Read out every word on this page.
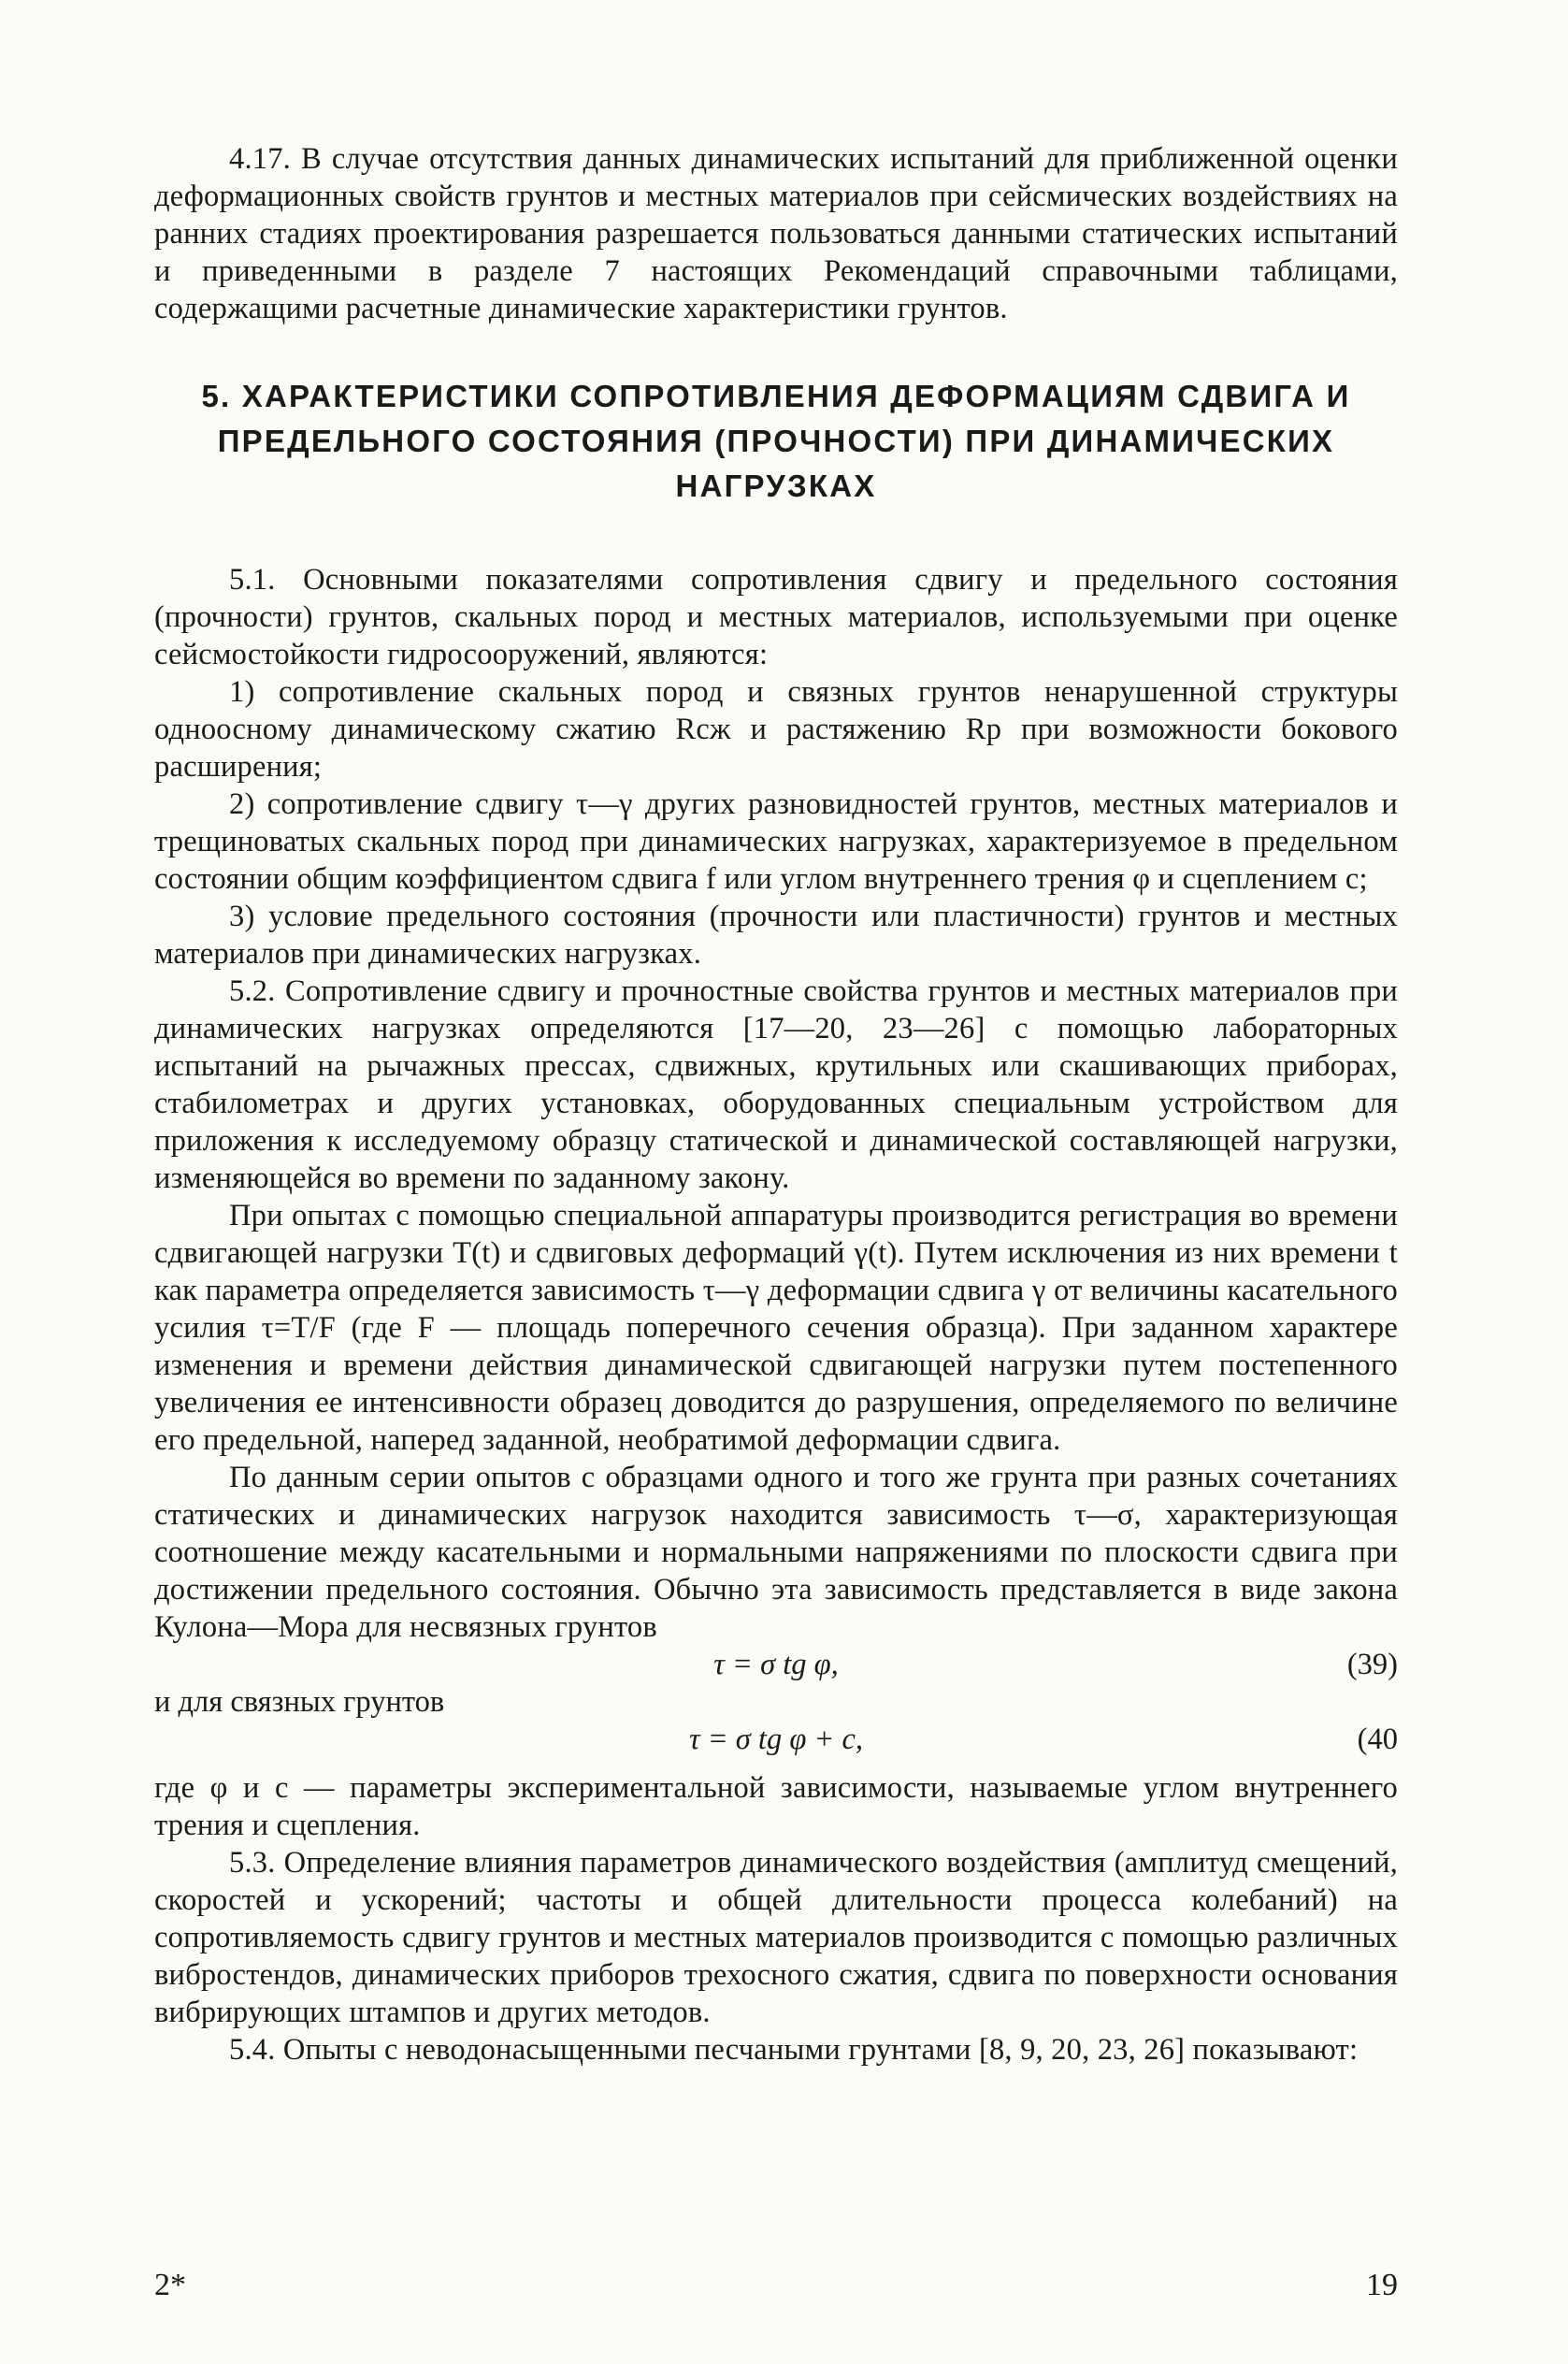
4.17. В случае отсутствия данных динамических испытаний для приближенной оценки деформационных свойств грунтов и местных материалов при сейсмических воздействиях на ранних стадиях проектирования разрешается пользоваться данными статических испытаний и приведенными в разделе 7 настоящих Рекомендаций справочными таблицами, содержащими расчетные динамические характеристики грунтов.

5. ХАРАКТЕРИСТИКИ СОПРОТИВЛЕНИЯ ДЕФОРМАЦИЯМ СДВИГА И ПРЕДЕЛЬНОГО СОСТОЯНИЯ (ПРОЧНОСТИ) ПРИ ДИНАМИЧЕСКИХ НАГРУЗКАХ

5.1. Основными показателями сопротивления сдвигу и предельного состояния (прочности) грунтов, скальных пород и местных материалов, используемыми при оценке сейсмостойкости гидросооружений, являются:

1) сопротивление скальных пород и связных грунтов ненарушенной структуры одноосному динамическому сжатию Rсж и растяжению Rр при возможности бокового расширения;

2) сопротивление сдвигу τ—γ других разновидностей грунтов, местных материалов и трещиноватых скальных пород при динамических нагрузках, характеризуемое в предельном состоянии общим коэффициентом сдвига f или углом внутреннего трения φ и сцеплением c;

3) условие предельного состояния (прочности или пластичности) грунтов и местных материалов при динамических нагрузках.

5.2. Сопротивление сдвигу и прочностные свойства грунтов и местных материалов при динамических нагрузках определяются [17—20, 23—26] с помощью лабораторных испытаний на рычажных прессах, сдвижных, крутильных или скашивающих приборах, стабилометрах и других установках, оборудованных специальным устройством для приложения к исследуемому образцу статической и динамической составляющей нагрузки, изменяющейся во времени по заданному закону.

При опытах с помощью специальной аппаратуры производится регистрация во времени сдвигающей нагрузки T(t) и сдвиговых деформаций γ(t). Путем исключения из них времени t как параметра определяется зависимость τ—γ деформации сдвига γ от величины касательного усилия τ=T/F (где F — площадь поперечного сечения образца). При заданном характере изменения и времени действия динамической сдвигающей нагрузки путем постепенного увеличения ее интенсивности образец доводится до разрушения, определяемого по величине его предельной, наперед заданной, необратимой деформации сдвига.

По данным серии опытов с образцами одного и того же грунта при разных сочетаниях статических и динамических нагрузок находится зависимость τ—σ, характеризующая соотношение между касательными и нормальными напряжениями по плоскости сдвига при достижении предельного состояния. Обычно эта зависимость представляется в виде закона Кулона—Мора для несвязных грунтов

τ = σ tg φ,	(39)
и для связных грунтов
τ = σ tg φ + c,	(40

где φ и c — параметры экспериментальной зависимости, называемые углом внутреннего трения и сцепления.

5.3. Определение влияния параметров динамического воздействия (амплитуд смещений, скоростей и ускорений; частоты и общей длительности процесса колебаний) на сопротивляемость сдвигу грунтов и местных материалов производится с помощью различных вибростендов, динамических приборов трехосного сжатия, сдвига по поверхности основания вибрирующих штампов и других методов.

5.4. Опыты с неводонасыщенными песчаными грунтами [8, 9, 20, 23, 26] показывают:

2*	19
